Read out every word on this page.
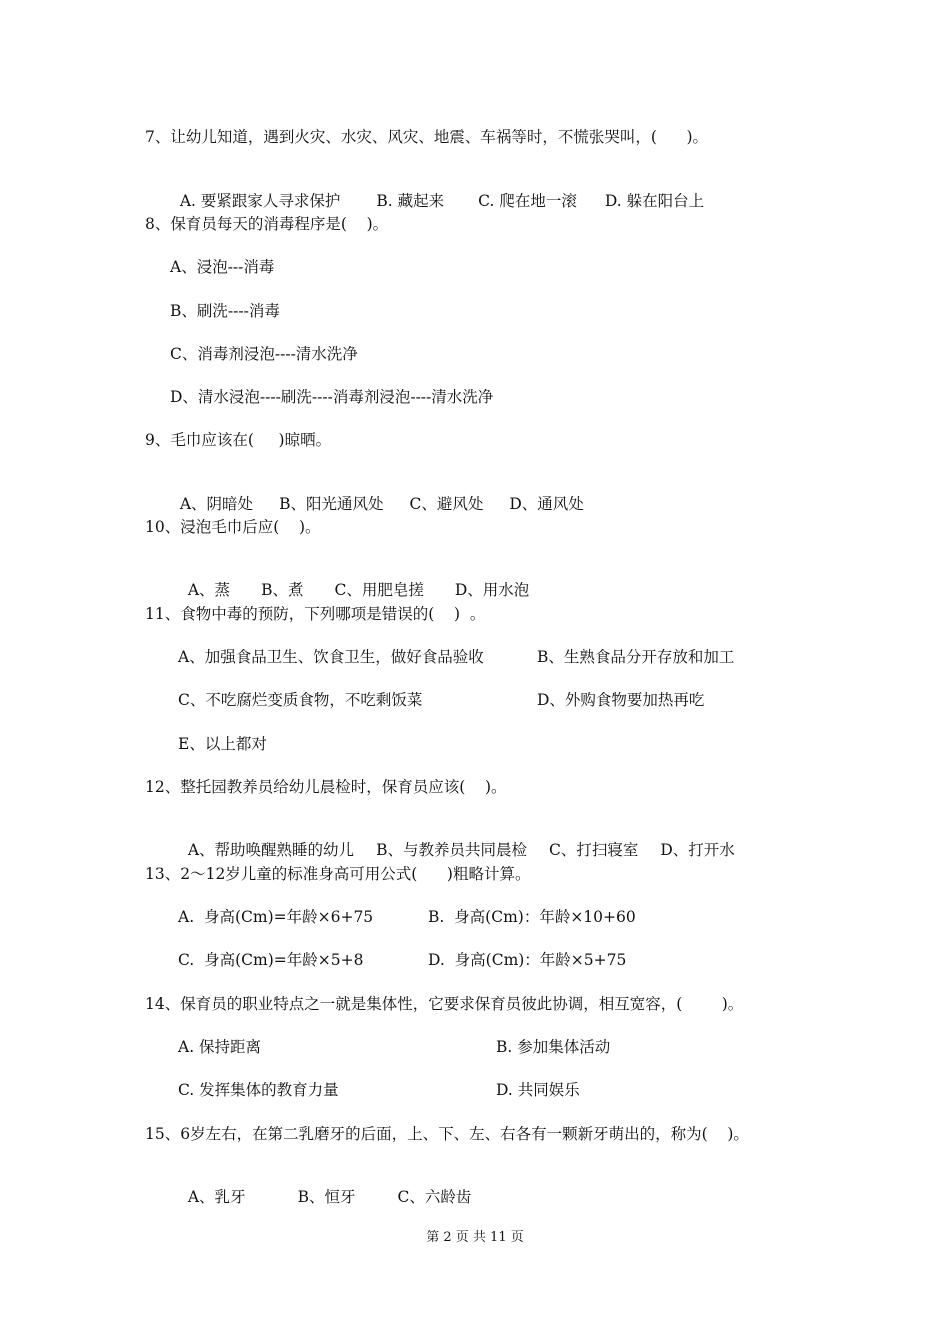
7、让幼儿知道，遇到火灾、水灾、风灾、地震、车祸等时，不慌张哭叫，(      )。

A. 要紧跟家人寻求保护 B. 藏起来 C. 爬在地一滚 D. 躲在阳台上

8、保育员每天的消毒程序是(    )。
A、浸泡---消毒
B、刷洗----消毒
C、消毒剂浸泡----清水洗净
D、清水浸泡----刷洗----消毒剂浸泡----清水洗净
9、毛巾应该在(     )晾晒。

A、阴暗处 B、阳光通风处 C、避风处 D、通风处

10、浸泡毛巾后应(    )。

A、蒸 B、煮 C、用肥皂搓 D、用水泡

11、食物中毒的预防，下列哪项是错误的(    )  。
A、加强食品卫生、饮食卫生，做好食品验收	B、生熟食品分开存放和加工
C、不吃腐烂变质食物，不吃剩饭菜	D、外购食物要加热再吃
E、以上都对
12、整托园教养员给幼儿晨检时，保育员应该(    )。

A、帮助唤醒熟睡的幼儿 B、与教养员共同晨检 C、打扫寝室 D、打开水

13、2～12岁儿童的标准身高可用公式(      )粗略计算。
A.  身高(Cm)=年龄×6+75	B.  身高(Cm)：年龄×10+60
C.  身高(Cm)=年龄×5+8	D.  身高(Cm)：年龄×5+75
14、保育员的职业特点之一就是集体性，它要求保育员彼此协调，相互宽容，(        )。
A. 保持距离	B. 参加集体活动
C. 发挥集体的教育力量	D. 共同娱乐
15、6岁左右，在第二乳磨牙的后面，上、下、左、右各有一颗新牙萌出的，称为(    )。

A、乳牙	B、恒牙	C、六龄齿

第 2 页 共 11 页
